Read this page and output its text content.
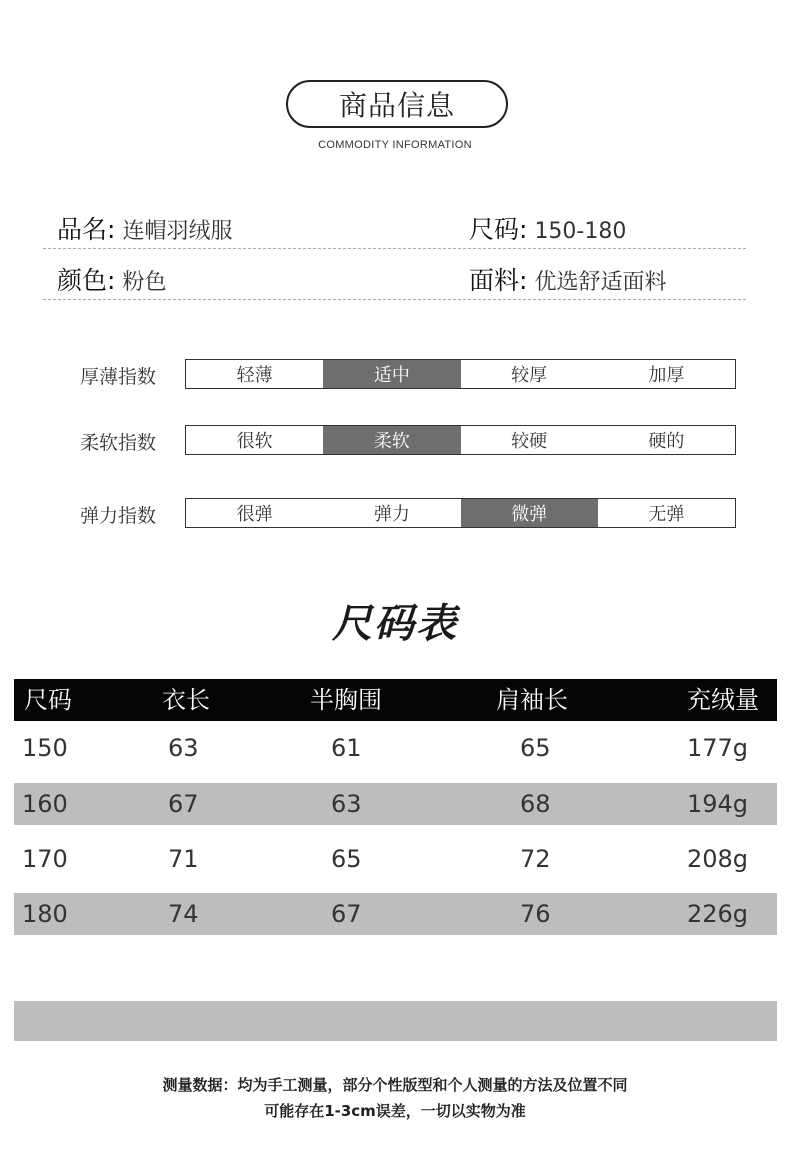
商品信息
COMMODITY INFORMATION
品名: 连帽羽绒服	尺码: 150-180
颜色: 粉色	面料: 优选舒适面料
厚薄指数	轻薄	适中	较厚	加厚
柔软指数	很软	柔软	较硬	硬的
弹力指数	很弹	弹力	微弹	无弹
尺码表
尺码	衣长	半胸围	肩袖长	充绒量
150	63	61	65	177g
160	67	63	68	194g
170	71	65	72	208g
180	74	67	76	226g
测量数据：均为手工测量，部分个性版型和个人测量的方法及位置不同
可能存在1-3cm误差，一切以实物为准
